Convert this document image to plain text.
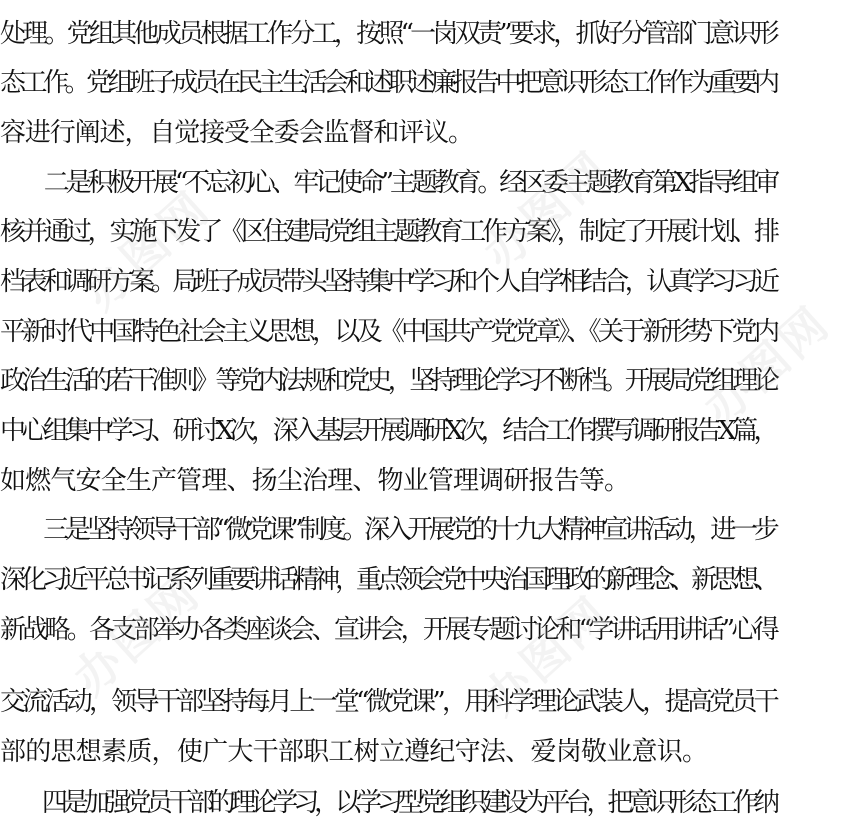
处理。党组其他成员根据工作分工，按照“一岗双责”要求，抓好分管部门意识形
态工作。党组班子成员在民主生活会和述职述廉报告中把意识形态工作作为重要内
容进行阐述，自觉接受全委会监督和评议。
　　二是积极开展“不忘初心、牢记使命”主题教育。经区委主题教育第X指导组审
核并通过，实施下发了《区住建局党组主题教育工作方案》，制定了开展计划、排
档表和调研方案。局班子成员带头坚持集中学习和个人自学相结合，认真学习习近
平新时代中国特色社会主义思想，以及《中国共产党党章》、《关于新形势下党内
政治生活的若干准则》等党内法规和党史，坚持理论学习不断档。开展局党组理论
中心组集中学习、研讨X次，深入基层开展调研X次，结合工作撰写调研报告X篇，
如燃气安全生产管理、扬尘治理、物业管理调研报告等。
　　三是坚持领导干部“微党课”制度。深入开展党的十九大精神宣讲活动，进一步
深化习近平总书记系列重要讲话精神，重点领会党中央治国理政的新理念、新思想、
新战略。各支部举办各类座谈会、宣讲会，开展专题讨论和“学讲话用讲话”心得
交流活动，领导干部坚持每月上一堂“微党课”，用科学理论武装人，提高党员干
部的思想素质，使广大干部职工树立遵纪守法、爱岗敬业意识。
　　四是加强党员干部的理论学习，以学习型党组织建设为平台，把意识形态工作纳
办图网	办图网
办图网	办图网
办图网
